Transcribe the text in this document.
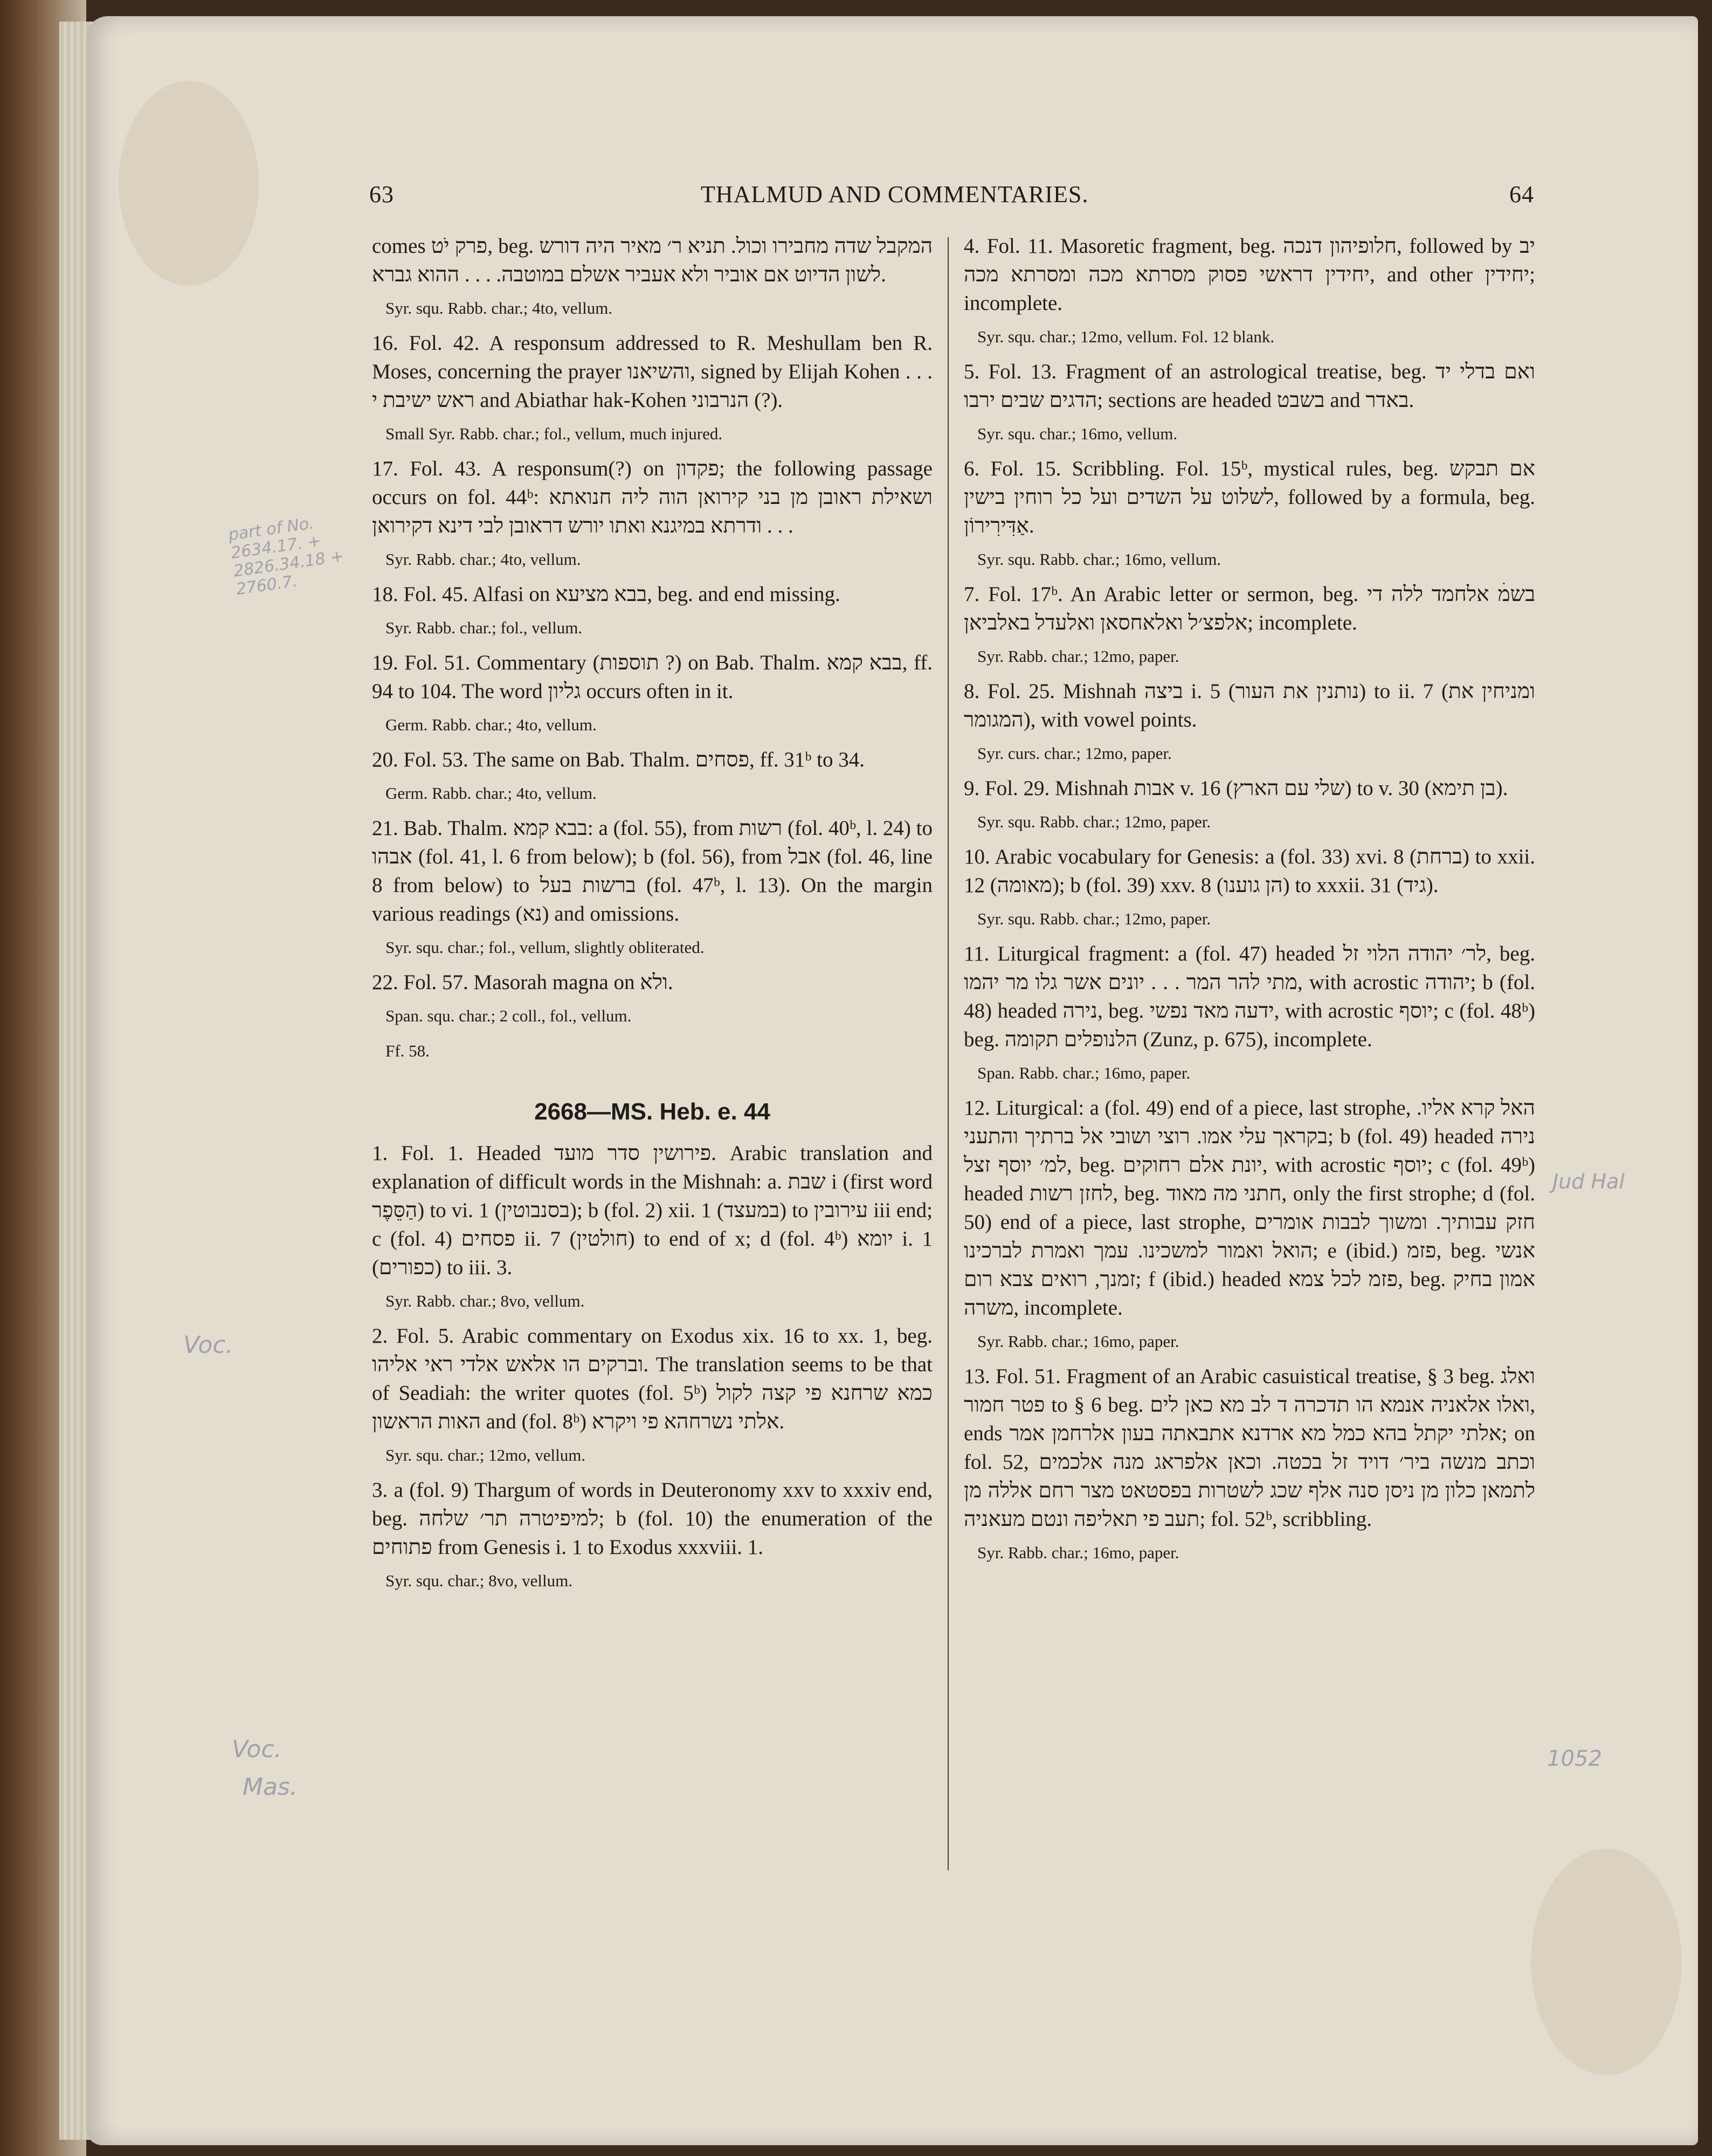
63	THALMUD AND COMMENTARIES.	64

comes פרק יֹט, beg. המקבל שדה מחבירו וכול. תניא ר׳ מאיר היה דורש לשון הדיוט אם אוביר ולא אעביר אשלם במוטבה. . . . ההוא גברא.

Syr. squ. Rabb. char.; 4to, vellum.

16. Fol. 42. A responsum addressed to R. Meshullam ben R. Moses, concerning the prayer והשיאנו, signed by Elijah Kohen . . . ראש ישיבת י and Abiathar hak-Kohen הנרבוני (?).

Small Syr. Rabb. char.; fol., vellum, much injured.

17. Fol. 43. A responsum(?) on פקדון; the following passage occurs on fol. 44ᵇ: ושאילת ראובן מן בני קירואן הוה ליה חנואתא ודרתא במיגנא ואתו יורש דראובן לבי דינא דקירואן . . .

Syr. Rabb. char.; 4to, vellum.

18. Fol. 45. Alfasi on בבא מציעא, beg. and end missing.

Syr. Rabb. char.; fol., vellum.

19. Fol. 51. Commentary (תוספות ?) on Bab. Thalm. בבא קמא, ff. 94 to 104. The word גליון occurs often in it.

Germ. Rabb. char.; 4to, vellum.

20. Fol. 53. The same on Bab. Thalm. פסחים, ff. 31ᵇ to 34.

Germ. Rabb. char.; 4to, vellum.

21. Bab. Thalm. בבא קמא: a (fol. 55), from רשות (fol. 40ᵇ, l. 24) to אבהו (fol. 41, l. 6 from below); b (fol. 56), from אבל (fol. 46, line 8 from below) to ברשות בעל (fol. 47ᵇ, l. 13). On the margin various readings (נא) and omissions.

Syr. squ. char.; fol., vellum, slightly obliterated.

22. Fol. 57. Masorah magna on ולא.

Span. squ. char.; 2 coll., fol., vellum.

Ff. 58.

2668—MS. Heb. e. 44

1. Fol. 1. Headed פירושין סדר מועד. Arabic translation and explanation of difficult words in the Mishnah: a. שבת i (first word הַסֵּפֶר) to vi. 1 (בסנבוטין); b (fol. 2) xii. 1 (במעצד) to עירובין iii end; c (fol. 4) פסחים ii. 7 (חולטין) to end of x; d (fol. 4ᵇ) יומא i. 1 (כפורים) to iii. 3.

Syr. Rabb. char.; 8vo, vellum.

2. Fol. 5. Arabic commentary on Exodus xix. 16 to xx. 1, beg. וברקים הו אלאש אלדי ראי אליהו. The translation seems to be that of Seadiah: the writer quotes (fol. 5ᵇ) כמא שרחנא פי קצה לקול האות הראשון and (fol. 8ᵇ) אלתי נשרחהא פי ויקרא.

Syr. squ. char.; 12mo, vellum.

3. a (fol. 9) Thargum of words in Deuteronomy xxv to xxxiv end, beg. למיפיטרה תר׳ שלחה; b (fol. 10) the enumeration of the פתוחים from Genesis i. 1 to Exodus xxxviii. 1.

Syr. squ. char.; 8vo, vellum.

4. Fol. 11. Masoretic fragment, beg. חלופיהון דנכה, followed by יב יחידין דראשי פסוק מסרתא מכה ומסרתא מכה, and other יחידין; incomplete.

Syr. squ. char.; 12mo, vellum. Fol. 12 blank.

5. Fol. 13. Fragment of an astrological treatise, beg. ואם בדלי יד הדגים שבים ירבו; sections are headed בשבט and באדר.

Syr. squ. char.; 16mo, vellum.

6. Fol. 15. Scribbling. Fol. 15ᵇ, mystical rules, beg. אם תבקש לשלוט על השדים ועל כל רוחין בישין, followed by a formula, beg. אַדִּירִירוֹן.

Syr. squ. Rabb. char.; 16mo, vellum.

7. Fol. 17ᵇ. An Arabic letter or sermon, beg. בשמׄ אלחמד ללה די אלפצ׳ל ואלאחסאן ואלעדל באלביאן; incomplete.

Syr. Rabb. char.; 12mo, paper.

8. Fol. 25. Mishnah ביצה i. 5 (נותנין את העור) to ii. 7 (ומניחין את המגומר), with vowel points.

Syr. curs. char.; 12mo, paper.

9. Fol. 29. Mishnah אבות v. 16 (שלי עם הארץ) to v. 30 (בן תימא).

Syr. squ. Rabb. char.; 12mo, paper.

10. Arabic vocabulary for Genesis: a (fol. 33) xvi. 8 (ברחת) to xxii. 12 (מאומה); b (fol. 39) xxv. 8 (הן גוענו) to xxxii. 31 (גיד).

Syr. squ. Rabb. char.; 12mo, paper.

11. Liturgical fragment: a (fol. 47) headed לר׳ יהודה הלוי זל, beg. מתי להר המר . . . יונים אשר גלו מר יהמו, with acrostic יהודה; b (fol. 48) headed נירה, beg. ידעה מאד נפשי, with acrostic יוסף; c (fol. 48ᵇ) beg. הלנופלים תקומה (Zunz, p. 675), incomplete.

Span. Rabb. char.; 16mo, paper.

12. Liturgical: a (fol. 49) end of a piece, last strophe, האל קרא אליו. בקראך עלי אמו. רוצי ושובי אל ברתיך והתעני; b (fol. 49) headed נירה למ׳ יוסף זצל, beg. יונת אלם רחוקים, with acrostic יוסף; c (fol. 49ᵇ) headed לחזן רשות, beg. חתני מה מאוד, only the first strophe; d (fol. 50) end of a piece, last strophe, חזק עבותיך. ומשוך לבבות אומרים הואל ואמור למשכינו. עמך ואמרת לברכינו; e (ibid.) פזמ, beg. אנשי זמנך, רואים צבא רום; f (ibid.) headed פזמ לכל צמא, beg. אמון בחיק משרה, incomplete.

Syr. Rabb. char.; 16mo, paper.

13. Fol. 51. Fragment of an Arabic casuistical treatise, § 3 beg. ואלג פטר חמור to § 6 beg. ואלו אלאניה אנמא הו תדכרה ד לב מא כאן לים, ends אלתי יקתל בהא כמל מא ארדנא אתבאתה בעון אלרחמן אמר; on fol. 52, וכתב מנשה ביר׳ דויד זל בכטה. וכאן אלפראג מנה אלכמים לתמאן כלון מן ניסן סנה אלף שכג לשטרות בפסטאט מצר רחם אללה מן תעב פי תאליפה ונטם מעאניה; fol. 52ᵇ, scribbling.

Syr. Rabb. char.; 16mo, paper.

part of No. 2634.17. + 2826.34.18 + 2760.7.
Voc.
Voc.
Mas.
Jud Hal
1052
